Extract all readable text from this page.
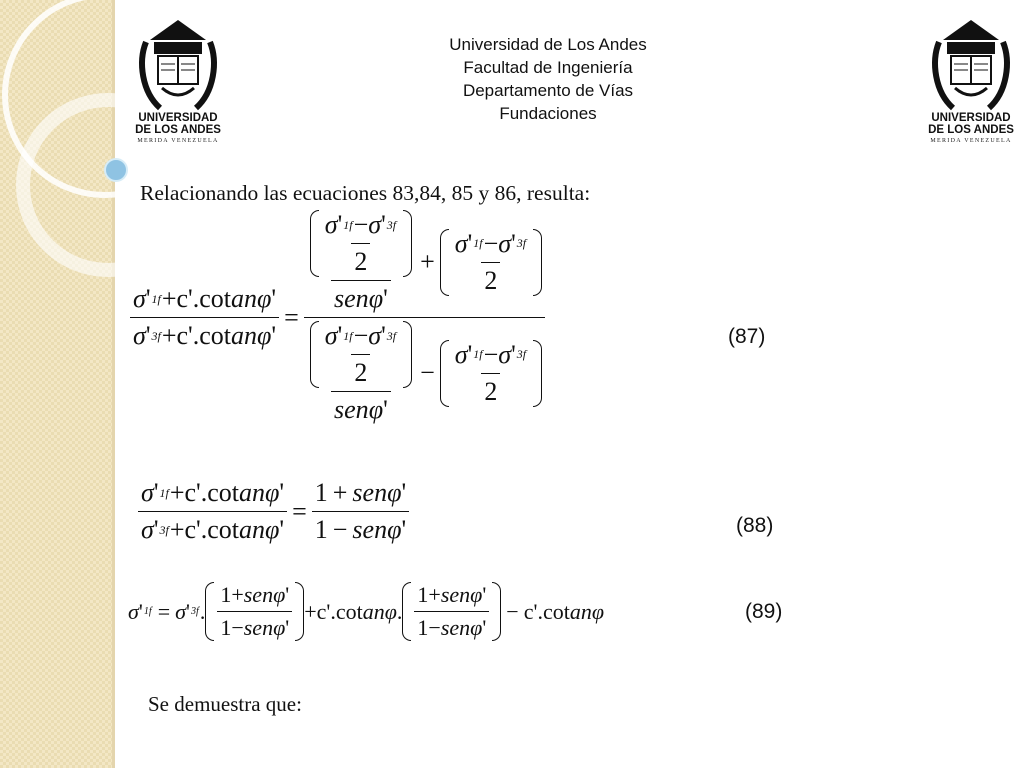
UNIVERSIDAD
DE LOS ANDES
MERIDA VENEZUELA
UNIVERSIDAD
DE LOS ANDES
MERIDA VENEZUELA
Universidad de Los Andes
Facultad de Ingeniería
Departamento de Vías
Fundaciones
Relacionando las ecuaciones 83,84, 85 y 86, resulta:
$\frac{\text{σ ' 1f +c'.cot an φ '}}{\text{σ ' 3f +c'.cot an φ '}}$ =
$\frac{\frac{\sigma ' 1f - \sigma ' 3f}{2}}{\text{sen φ '}} + \frac{\sigma ' 1f - \sigma ' 3f}{2}$
$\frac{\frac{\sigma ' 1f - \sigma ' 3f}{2}}{\text{sen φ '}} - \frac{\sigma ' 1f - \sigma ' 3f}{2}$
(87)
$\frac{\text{σ ' 1f +c'.cot an φ '}}{\text{σ ' 3f +c'.cot an φ '}} = \frac{\text{1 + sen φ '}}{\text{1 − sen φ '}}$	(88)
σ ' 1f = σ ' 3f . $\frac{\text{1 + sen φ '}}{\text{1 − sen φ '}} +c'.\cot$ an φ . $\frac{\text{1 + sen φ '}}{\text{1 − sen φ '}} - c'.\cot$ an φ	(89)
Se demuestra que:
